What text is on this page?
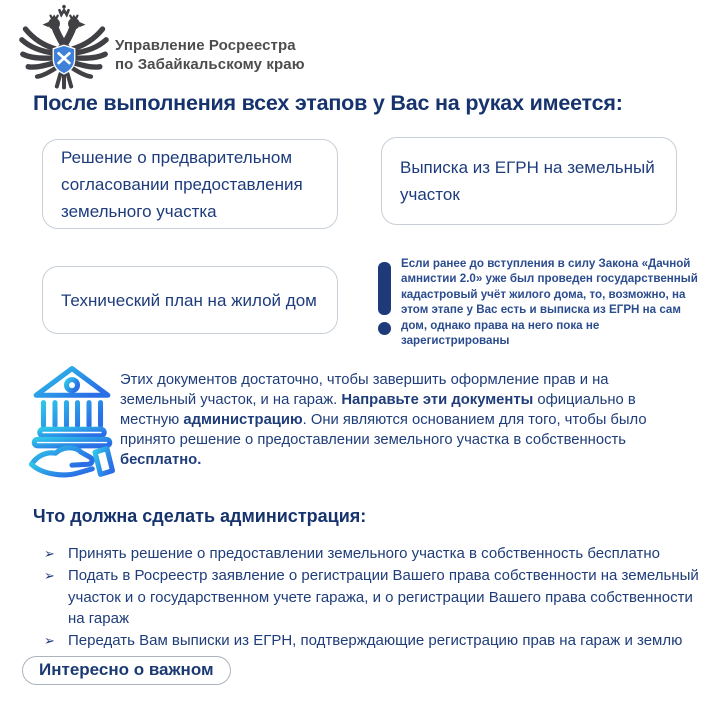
Управление Росреестра
по Забайкальскому краю
После выполнения всех этапов у Вас на руках имеется:
Решение о предварительном согласовании предоставления земельного участка
Выписка из ЕГРН на земельный участок
Технический план на жилой дом
Если ранее до вступления в силу Закона «Дачной амнистии 2.0» уже был проведен государственный кадастровый учёт жилого дома, то, возможно, на этом этапе у Вас есть и выписка из ЕГРН на сам дом, однако права на него пока не зарегистрированы
Этих документов достаточно, чтобы завершить оформление прав и на земельный участок, и на гараж. Направьте эти документы официально в местную администрацию. Они являются основанием для того, чтобы было принято решение о предоставлении земельного участка в собственность бесплатно.
Что должна сделать администрация:
➢ Принять решение о предоставлении земельного участка в собственность бесплатно
➢ Подать в Росреестр заявление о регистрации Вашего права собственности на земельный участок и о государственном учете гаража, и о регистрации Вашего права собственности на гараж
➢ Передать Вам выписки из ЕГРН, подтверждающие регистрацию прав на гараж и землю
Интересно о важном
